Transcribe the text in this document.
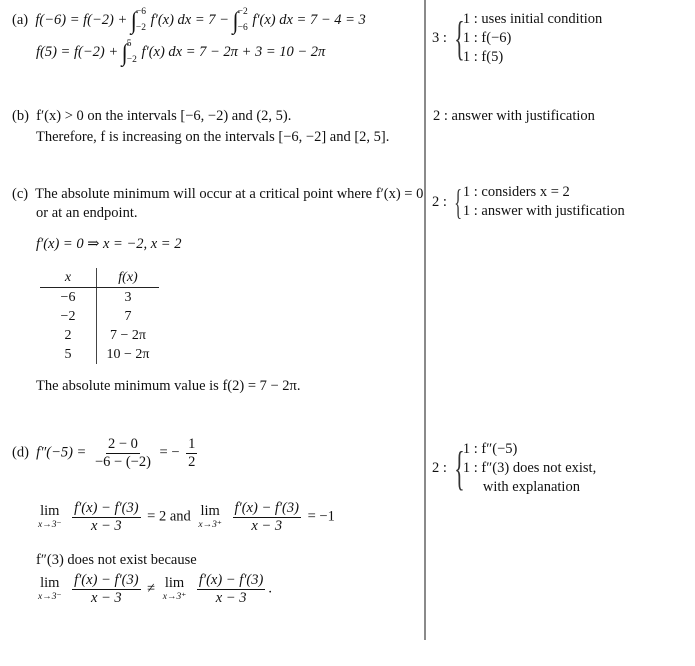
(a) f(−6) = f(−2) + ∫ −6
−2 f′(x) dx = 7 − ∫ −2
−6 f′(x) dx = 7 − 4 = 3
f(5) = f(−2) + ∫ 5
−2 f′(x) dx = 7 − 2π + 3 = 10 − 2π
3 : {
1 : uses initial condition
1 : f(−6)
1 : f(5)
(b) f′(x) > 0 on the intervals [−6, −2) and (2, 5).
Therefore, f is increasing on the intervals [−6, −2] and [2, 5].
2 : answer with justification
(c) The absolute minimum will occur at a critical point where f′(x) = 0
or at an endpoint.
f′(x) = 0 ⇒ x = −2, x = 2
x	f(x)
−6	3
−2	7
2	7 − 2π
5	10 − 2π
The absolute minimum value is f(2) = 7 − 2π.
2 : { 1 : considers x = 2
1 : answer with justification
(d) $f''(-5) = \frac{2 - 0}{-6 - (-2)}$ = − $\frac{1}{2}$
lim
x→3⁻
$\frac{f'(x) - f'(3)}{x - 3} = 2$ and lim
x→3⁺
$\frac{f'(x) - f'(3)}{x - 3} = -1$
f″(3) does not exist because
lim
x→3⁻
$\frac{f'(x) - f'(3)}{x - 3} \ne \lim$
x→3⁺
$\frac{f'(x) - f'(3)}{x - 3}$ .
2 : {
1 : f″(−5)
1 : f″(3) does not exist,
with explanation
